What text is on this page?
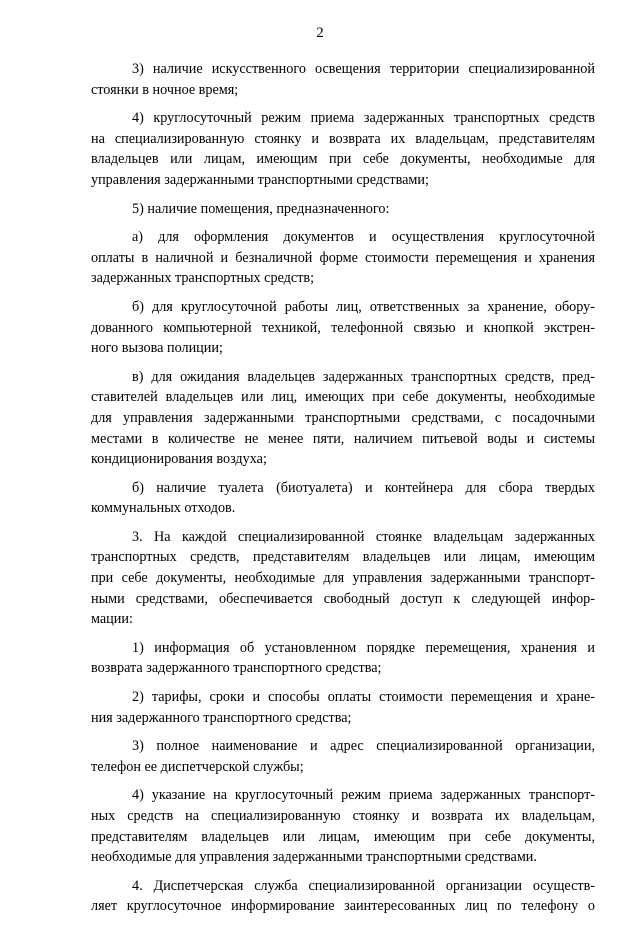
2

3) наличие искусственного освещения территории специализированной
стоянки в ночное время;

4) круглосуточный режим приема задержанных транспортных средств
на специализированную стоянку и возврата их владельцам, представителям
владельцев или лицам, имеющим при себе документы, необходимые для
управления задержанными транспортными средствами;

5) наличие помещения, предназначенного:

а) для оформления документов и осуществления круглосуточной
оплаты в наличной и безналичной форме стоимости перемещения и хранения
задержанных транспортных средств;

б) для круглосуточной работы лиц, ответственных за хранение, обору-
дованного компьютерной техникой, телефонной связью и кнопкой экстрен-
ного вызова полиции;

в) для ожидания владельцев задержанных транспортных средств, пред-
ставителей владельцев или лиц, имеющих при себе документы, необходимые
для управления задержанными транспортными средствами, с посадочными
местами в количестве не менее пяти, наличием питьевой воды и системы
кондиционирования воздуха;

б) наличие туалета (биотуалета) и контейнера для сбора твердых
коммунальных отходов.

3. На каждой специализированной стоянке владельцам задержанных
транспортных средств, представителям владельцев или лицам, имеющим
при себе документы, необходимые для управления задержанными транспорт-
ными средствами, обеспечивается свободный доступ к следующей инфор-
мации:

1) информация об установленном порядке перемещения, хранения и
возврата задержанного транспортного средства;

2) тарифы, сроки и способы оплаты стоимости перемещения и хране-
ния задержанного транспортного средства;

3) полное наименование и адрес специализированной организации,
телефон ее диспетчерской службы;

4) указание на круглосуточный режим приема задержанных транспорт-
ных средств на специализированную стоянку и возврата их владельцам,
представителям владельцев или лицам, имеющим при себе документы,
необходимые для управления задержанными транспортными средствами.

4. Диспетчерская служба специализированной организации осуществ-
ляет круглосуточное информирование заинтересованных лиц по телефону о
